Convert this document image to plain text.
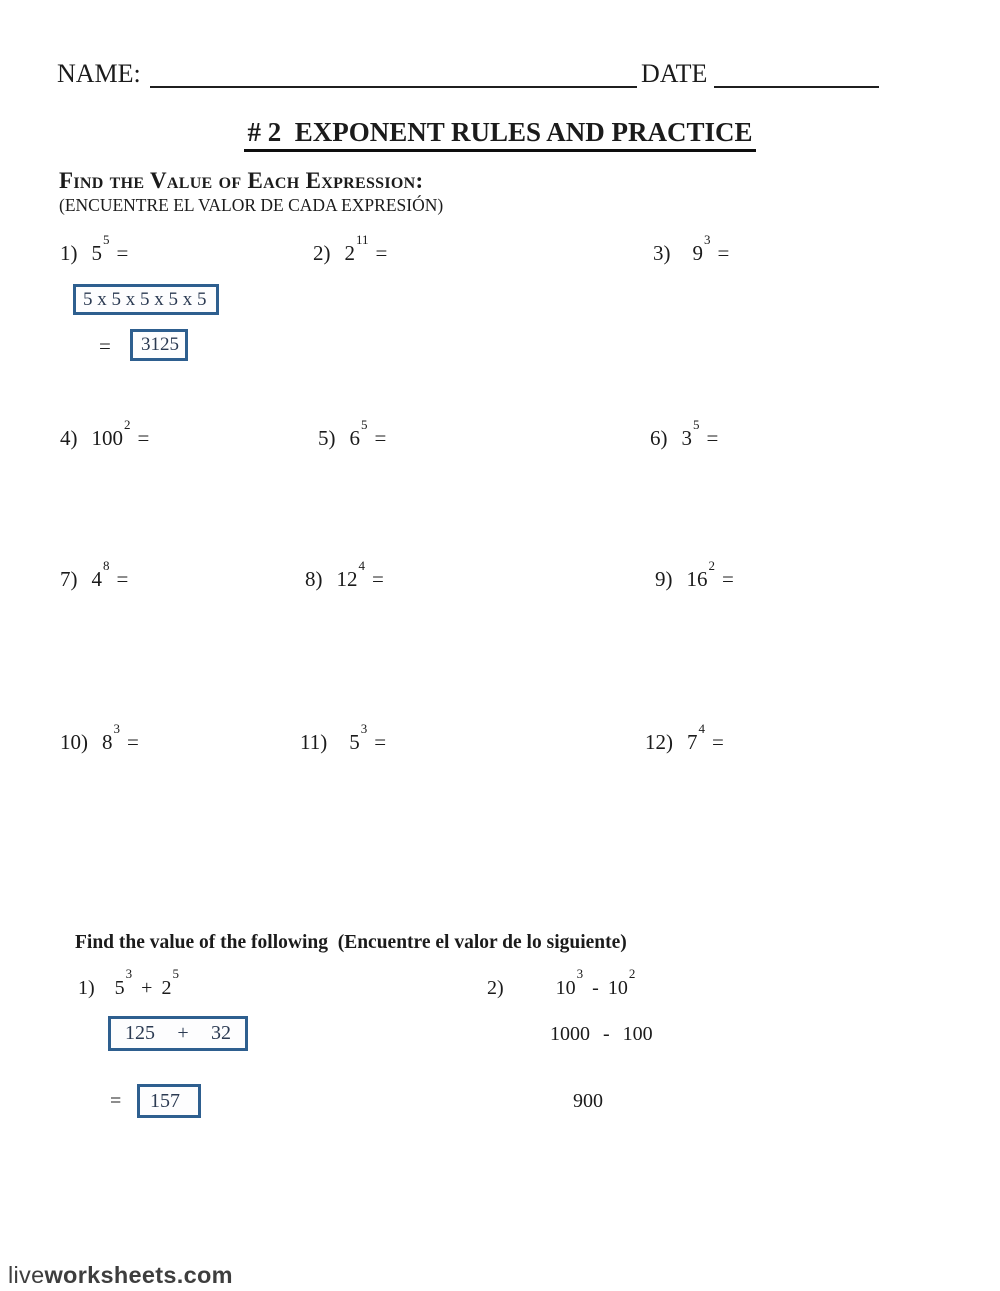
NAME:	DATE
# 2  EXPONENT RULES AND PRACTICE
Find the Value of Each Expression:
(ENCUENTRE EL VALOR DE CADA EXPRESIÓN)
1) $5^5=$	2) $2^{11}=$	3) $9^3=$
5 x 5 x 5 x 5 x 5
= 3125
4) $100^2=$	5) $6^5=$	6) $3^5=$
7) $4^8=$	8) $12^4=$	9) $16^2=$
10) $8^3=$	11) $5^3=$	12) $7^4=$
Find the value of the following  (Encuentre el valor de lo siguiente)
1) $5^3+ 2^5$
2)	$10^3-$ $10^2$
125 + 32	1000 - 100
= 157	900
liveworksheets.com
